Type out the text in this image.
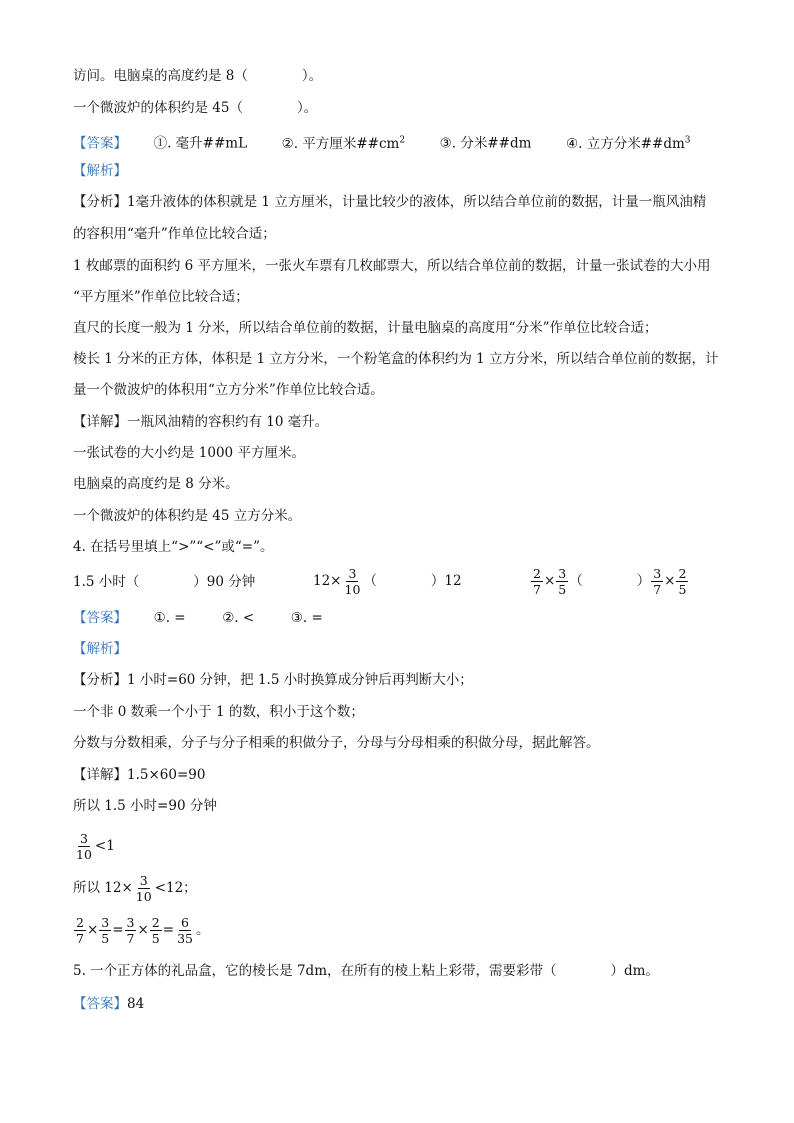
访问。电脑桌的高度约是 8（　　　　）。
一个微波炉的体积约是 45（　　　　）。
【答案】 ①. 毫升##mL	②. 平方厘米$\#\#cm^2$	③. 分米##dm	④. 立方分米$\#\#dm^3$
【解析】
【分析】1毫升液体的体积就是 1 立方厘米，计量比较少的液体，所以结合单位前的数据，计量一瓶风油精
的容积用“毫升”作单位比较合适；
1 枚邮票的面积约 6 平方厘米，一张火车票有几枚邮票大，所以结合单位前的数据，计量一张试卷的大小用
“平方厘米”作单位比较合适；
直尺的长度一般为 1 分米，所以结合单位前的数据，计量电脑桌的高度用“分米”作单位比较合适；
棱长 1 分米的正方体，体积是 1 立方分米，一个粉笔盒的体积约为 1 立方分米，所以结合单位前的数据，计
量一个微波炉的体积用“立方分米”作单位比较合适。
【详解】一瓶风油精的容积约有 10 毫升。
一张试卷的大小约是 1000 平方厘米。
电脑桌的高度约是 8 分米。
一个微波炉的体积约是 45 立方分米。
4. 在括号里填上“>”“<”或“=”。
1.5 小时（　　　　）90 分钟	$12\times \frac{3}{10}$ （　　　　）12	$\frac{2}{7} \times \frac{3}{5}$ （　　　　） $\frac{3}{7} \times \frac{2}{5}$
【答案】 ①. =	②. <	③. =
【解析】
【分析】1 小时=60 分钟，把 1.5 小时换算成分钟后再判断大小；
一个非 0 数乘一个小于 1 的数，积小于这个数；
分数与分数相乘，分子与分子相乘的积做分子，分母与分母相乘的积做分母，据此解答。
【详解】1.5×60=90
所以 1.5 小时=90 分钟
$\frac{3}{10} <1$
所以 $12\times \frac{3}{10} <12$；
$\frac{2}{7} \times \frac{3}{5} = \frac{3}{7} \times \frac{2}{5} = \frac{6}{35}$ 。
5. 一个正方体的礼品盒，它的棱长是 7dm，在所有的棱上粘上彩带，需要彩带（　　　　）dm。
【答案】84
